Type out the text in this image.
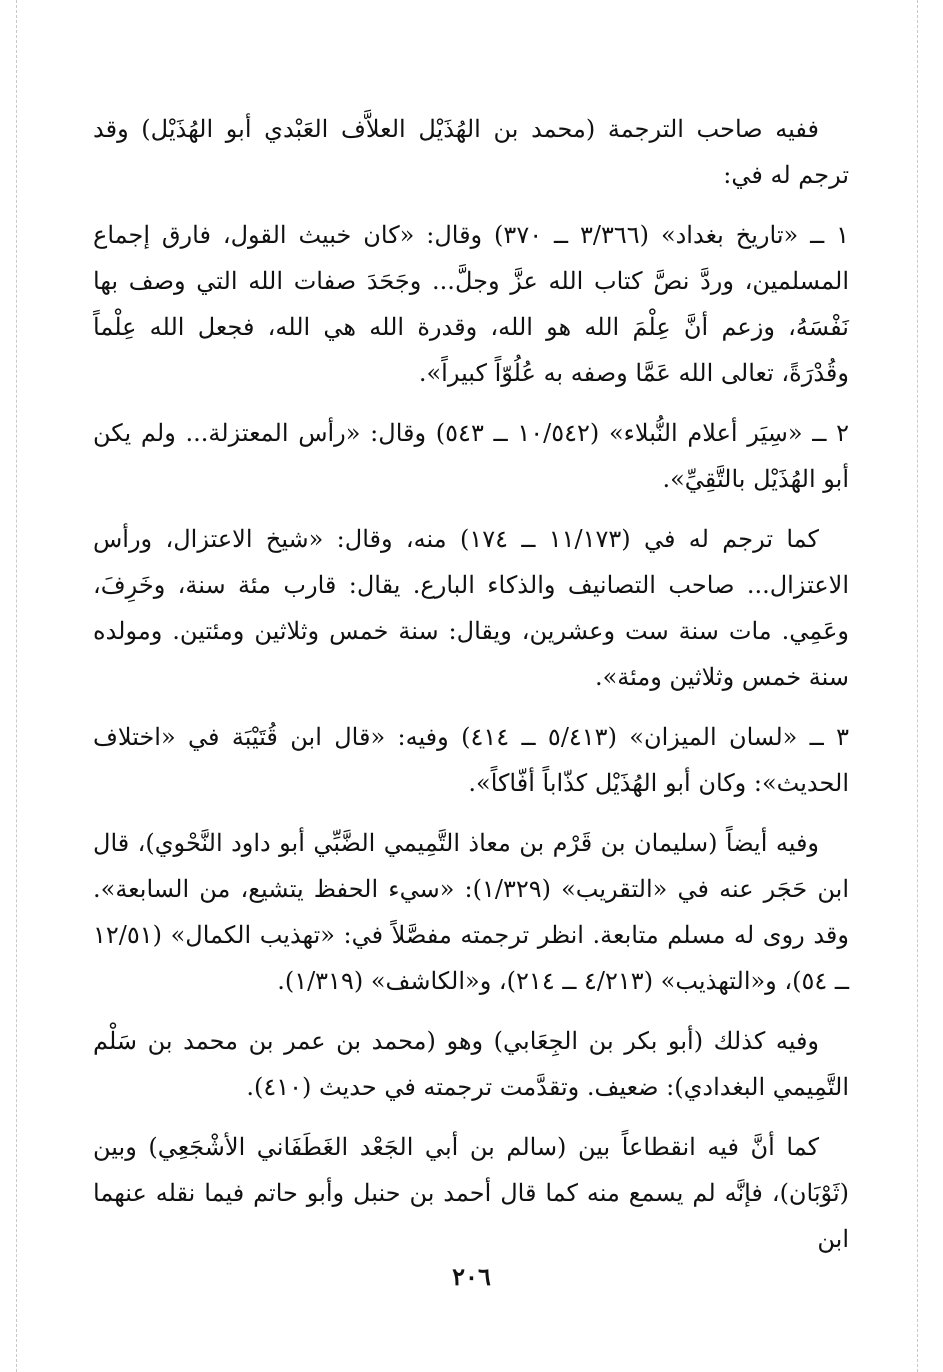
ففيه صاحب الترجمة (محمد بن الهُذَيْل العلاَّف العَبْدي أبو الهُذَيْل) وقد ترجم له في:

١ ــ «تاريخ بغداد» (٣/٣٦٦ ــ ٣٧٠) وقال: «كان خبيث القول، فارق إجماع المسلمين، وردَّ نصَّ كتاب الله عزَّ وجلَّ... وجَحَدَ صفات الله التي وصف بها نَفْسَهُ، وزعم أنَّ عِلْمَ الله هو الله، وقدرة الله هي الله، فجعل الله عِلْماً وقُدْرَةً، تعالى الله عَمَّا وصفه به عُلُوّاً كبيراً».

٢ ــ «سِيَر أعلام النُّبلاء» (١٠/٥٤٢ ــ ٥٤٣) وقال: «رأس المعتزلة... ولم يكن أبو الهُذَيْل بالتَّقِيِّ».

كما ترجم له في (١١/١٧٣ ــ ١٧٤) منه، وقال: «شيخ الاعتزال، ورأس الاعتزال... صاحب التصانيف والذكاء البارع. يقال: قارب مئة سنة، وخَرِفَ، وعَمِي. مات سنة ست وعشرين، ويقال: سنة خمس وثلاثين ومئتين. ومولده سنة خمس وثلاثين ومئة».

٣ ــ «لسان الميزان» (٥/٤١٣ ــ ٤١٤) وفيه: «قال ابن قُتَيْبَة في «اختلاف الحديث»: وكان أبو الهُذَيْل كذّاباً أفّاكاً».

وفيه أيضاً (سليمان بن قَرْم بن معاذ التَّمِيمي الضَّبِّي أبو داود النَّحْوي)، قال ابن حَجَر عنه في «التقريب» (١/٣٢٩): «سيء الحفظ يتشيع، من السابعة». وقد روى له مسلم متابعة. انظر ترجمته مفصَّلاً في: «تهذيب الكمال» (١٢/٥١ ــ ٥٤)، و«التهذيب» (٤/٢١٣ ــ ٢١٤)، و«الكاشف» (١/٣١٩).

وفيه كذلك (أبو بكر بن الجِعَابي) وهو (محمد بن عمر بن محمد بن سَلْم التَّمِيمي البغدادي): ضعيف. وتقدَّمت ترجمته في حديث (٤١٠).

كما أنَّ فيه انقطاعاً بين (سالم بن أبي الجَعْد الغَطَفَاني الأشْجَعِي) وبين (ثَوْبَان)، فإنَّه لم يسمع منه كما قال أحمد بن حنبل وأبو حاتم فيما نقله عنهما ابن

٢٠٦
